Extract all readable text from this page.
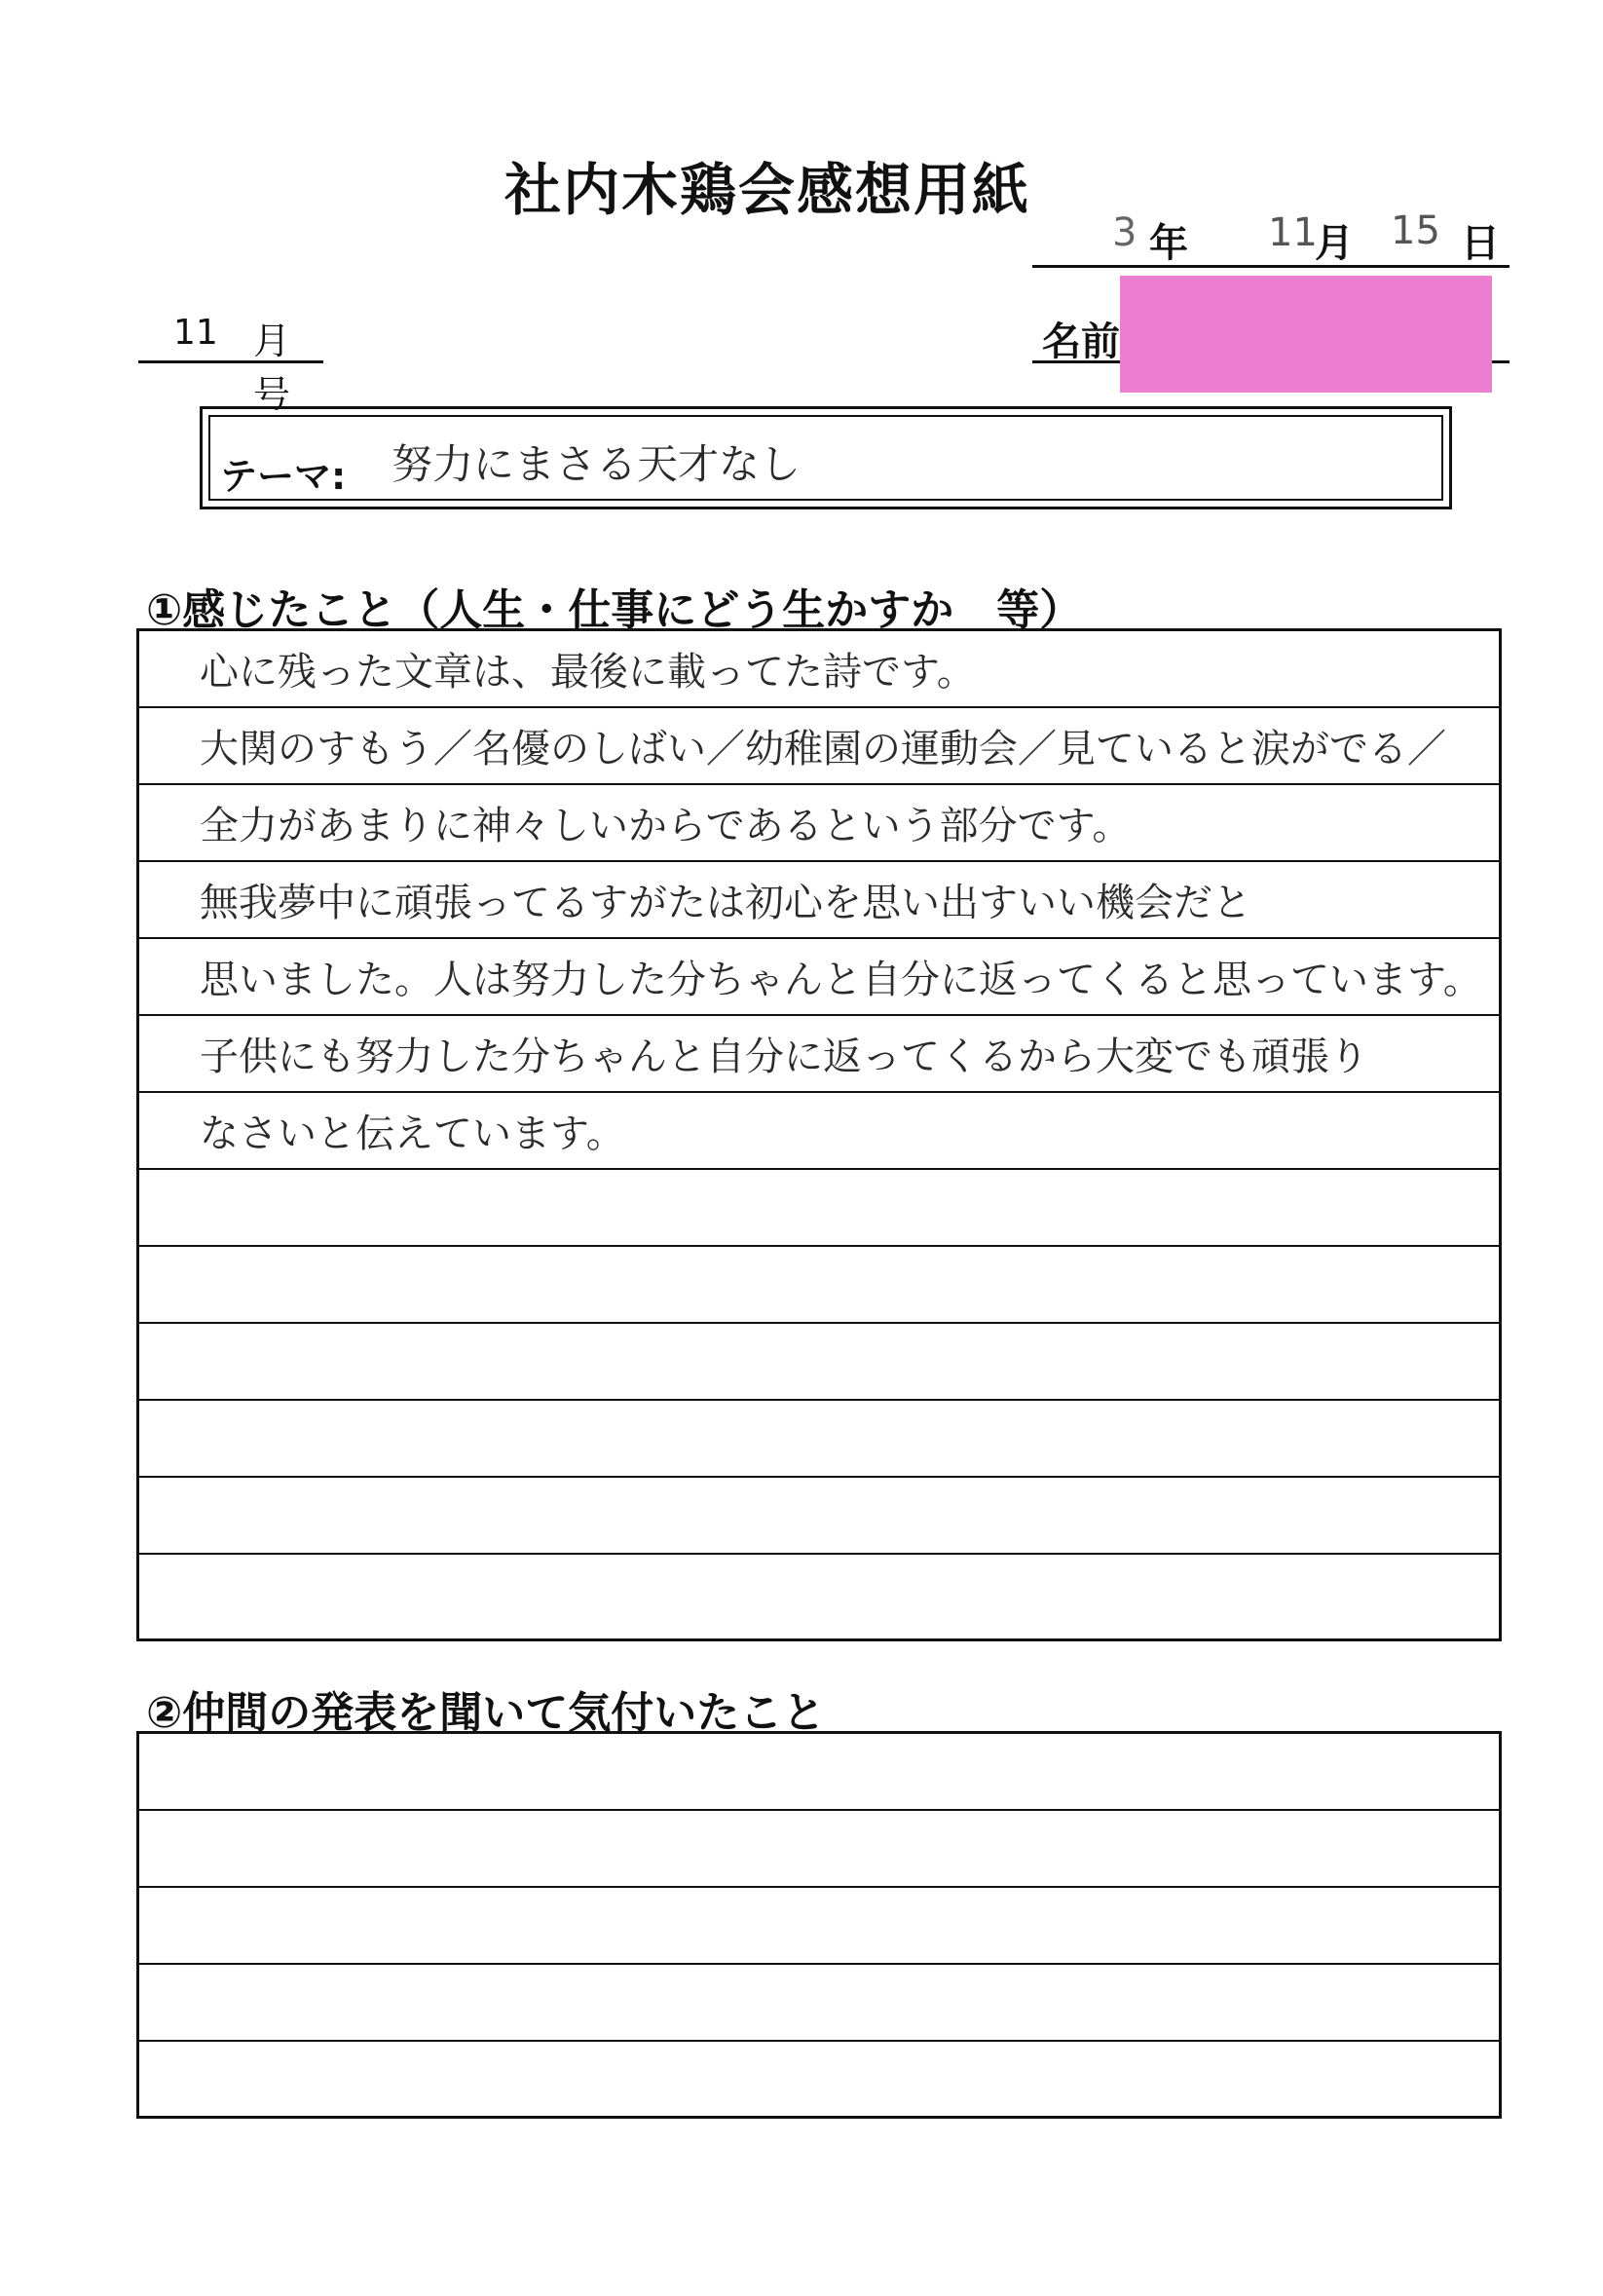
社内木鶏会感想用紙
3 年 11
月 15 日
11 月号
名前
テーマ: 努力にまさる天才なし
①感じたこと（人生・仕事にどう生かすか　等）
心に残った文章は、最後に載ってた詩です。
大関のすもう／名優のしばい／幼稚園の運動会／見ていると涙がでる／
全力があまりに神々しいからであるという部分です。
無我夢中に頑張ってるすがたは初心を思い出すいい機会だと
思いました。人は努力した分ちゃんと自分に返ってくると思っています。
子供にも努力した分ちゃんと自分に返ってくるから大変でも頑張り
なさいと伝えています。
②仲間の発表を聞いて気付いたこと
